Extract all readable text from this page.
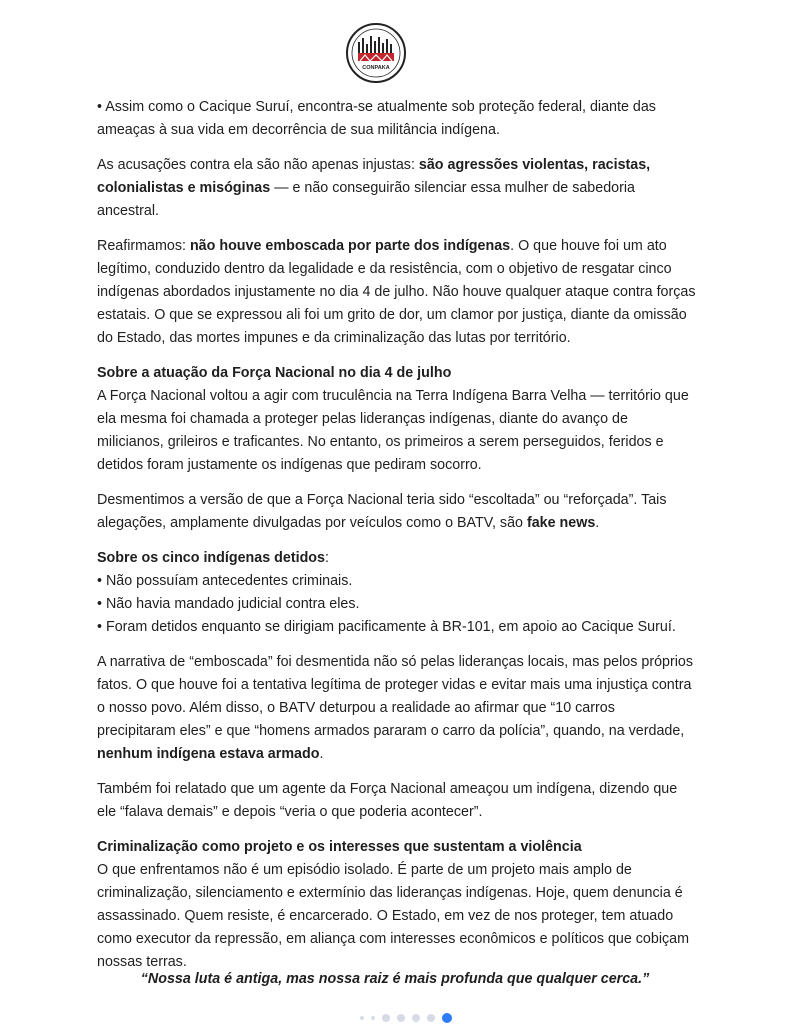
CONPAKA

• Assim como o Cacique Suruí, encontra-se atualmente sob proteção federal, diante das ameaças à sua vida em decorrência de sua militância indígena.

As acusações contra ela são não apenas injustas: são agressões violentas, racistas, colonialistas e misóginas — e não conseguirão silenciar essa mulher de sabedoria ancestral.

Reafirmamos: não houve emboscada por parte dos indígenas. O que houve foi um ato legítimo, conduzido dentro da legalidade e da resistência, com o objetivo de resgatar cinco indígenas abordados injustamente no dia 4 de julho. Não houve qualquer ataque contra forças estatais. O que se expressou ali foi um grito de dor, um clamor por justiça, diante da omissão do Estado, das mortes impunes e da criminalização das lutas por território.

Sobre a atuação da Força Nacional no dia 4 de julho

A Força Nacional voltou a agir com truculência na Terra Indígena Barra Velha — território que ela mesma foi chamada a proteger pelas lideranças indígenas, diante do avanço de milicianos, grileiros e traficantes. No entanto, os primeiros a serem perseguidos, feridos e detidos foram justamente os indígenas que pediram socorro.

Desmentimos a versão de que a Força Nacional teria sido “escoltada” ou “reforçada”. Tais alegações, amplamente divulgadas por veículos como o BATV, são fake news.

Sobre os cinco indígenas detidos:
• Não possuíam antecedentes criminais.
• Não havia mandado judicial contra eles.
• Foram detidos enquanto se dirigiam pacificamente à BR-101, em apoio ao Cacique Suruí.

A narrativa de “emboscada” foi desmentida não só pelas lideranças locais, mas pelos próprios fatos. O que houve foi a tentativa legítima de proteger vidas e evitar mais uma injustiça contra o nosso povo. Além disso, o BATV deturpou a realidade ao afirmar que “10 carros precipitaram eles” e que “homens armados pararam o carro da polícia”, quando, na verdade, nenhum indígena estava armado.

Também foi relatado que um agente da Força Nacional ameaçou um indígena, dizendo que ele “falava demais” e depois “veria o que poderia acontecer”.

Criminalização como projeto e os interesses que sustentam a violência

O que enfrentamos não é um episódio isolado. É parte de um projeto mais amplo de criminalização, silenciamento e extermínio das lideranças indígenas. Hoje, quem denuncia é assassinado. Quem resiste, é encarcerado. O Estado, em vez de nos proteger, tem atuado como executor da repressão, em aliança com interesses econômicos e políticos que cobiçam nossas terras.

“Nossa luta é antiga, mas nossa raiz é mais profunda que qualquer cerca.”
